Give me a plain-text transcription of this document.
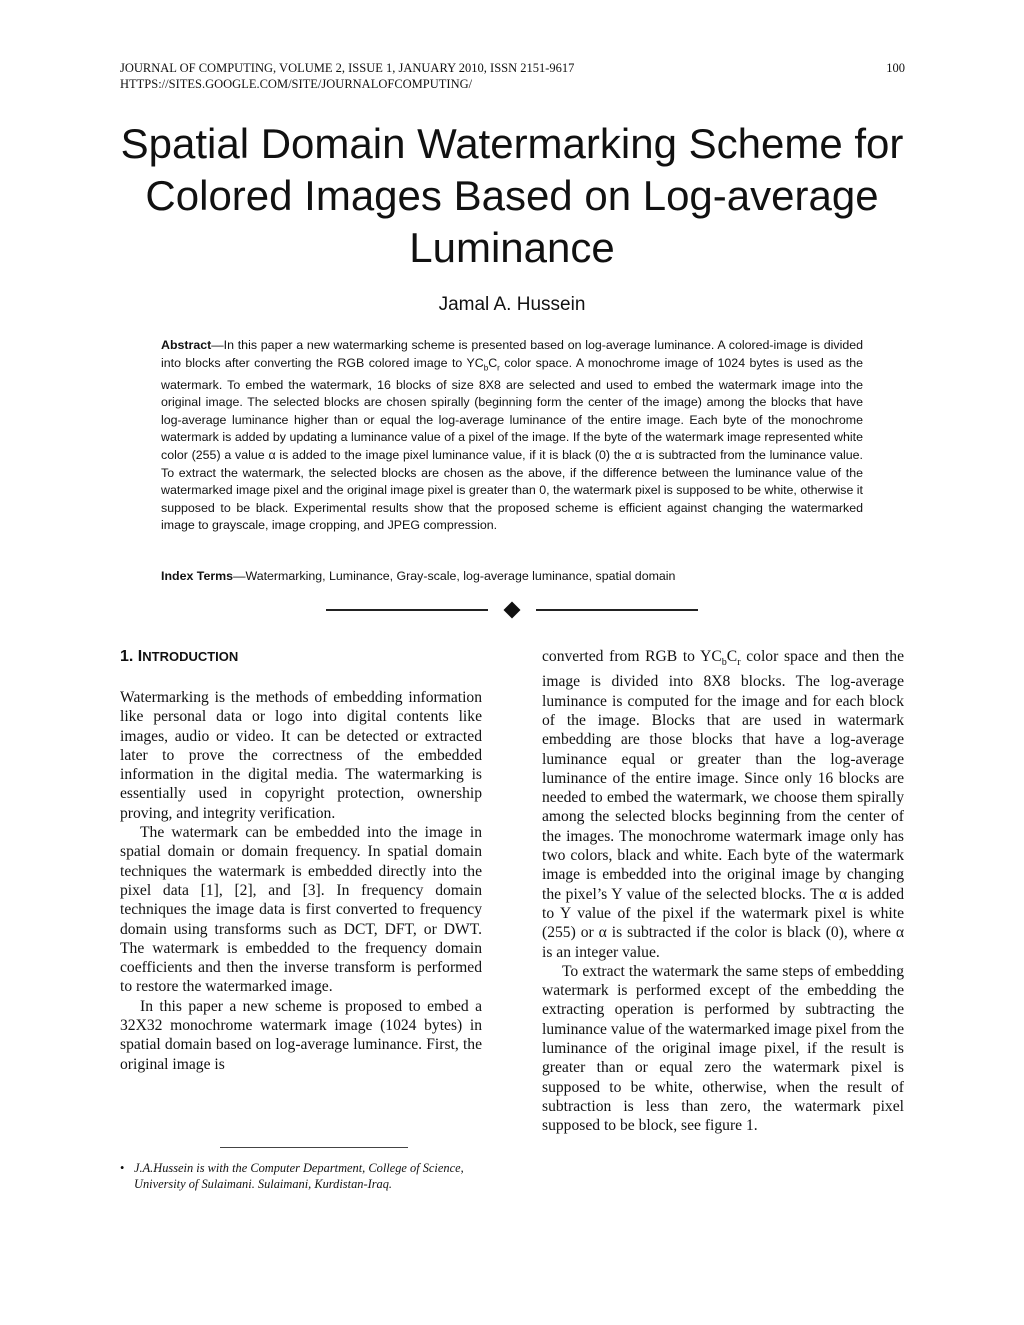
JOURNAL OF COMPUTING, VOLUME 2, ISSUE 1, JANUARY 2010, ISSN 2151-9617
HTTPS://SITES.GOOGLE.COM/SITE/JOURNALOFCOMPUTING/
100
Spatial Domain Watermarking Scheme for Colored Images Based on Log-average Luminance
Jamal A. Hussein

Abstract—In this paper a new watermarking scheme is presented based on log-average luminance. A colored-image is divided into blocks after converting the RGB colored image to $YC_bC_r$ color space. A monochrome image of 1024 bytes is used as the watermark. To embed the watermark, 16 blocks of size 8X8 are selected and used to embed the watermark image into the original image. The selected blocks are chosen spirally (beginning form the center of the image) among the blocks that have log-average luminance higher than or equal the log-average luminance of the entire image. Each byte of the monochrome watermark is added by updating a luminance value of a pixel of the image. If the byte of the watermark image represented white color (255) a value α is added to the image pixel luminance value, if it is black (0) the α is subtracted from the luminance value. To extract the watermark, the selected blocks are chosen as the above, if the difference between the luminance value of the watermarked image pixel and the original image pixel is greater than 0, the watermark pixel is supposed to be white, otherwise it supposed to be black. Experimental results show that the proposed scheme is efficient against changing the watermarked image to grayscale, image cropping, and JPEG compression.

Index Terms—Watermarking, Luminance, Gray-scale, log-average luminance, spatial domain

1. INTRODUCTION

Watermarking is the methods of embedding information like personal data or logo into digital contents like images, audio or video. It can be detected or extracted later to prove the correctness of the embedded information in the digital media. The watermarking is essentially used in copyright protection, ownership proving, and integrity verification.

The watermark can be embedded into the image in spatial domain or domain frequency. In spatial domain techniques the watermark is embedded directly into the pixel data [1], [2], and [3]. In frequency domain techniques the image data is first converted to frequency domain using transforms such as DCT, DFT, or DWT. The watermark is embedded to the frequency domain coefficients and then the inverse transform is performed to restore the watermarked image.

In this paper a new scheme is proposed to embed a 32X32 monochrome watermark image (1024 bytes) in spatial domain based on log-average luminance. First, the original image is

converted from RGB to $YC_bC_r$ color space and then the image is divided into 8X8 blocks. The log-average luminance is computed for the image and for each block of the image. Blocks that are used in watermark embedding are those blocks that have a log-average luminance equal or greater than the log-average luminance of the entire image. Since only 16 blocks are needed to embed the watermark, we choose them spirally among the selected blocks beginning from the center of the images. The monochrome watermark image only has two colors, black and white. Each byte of the watermark image is embedded into the original image by changing the pixel’s Y value of the selected blocks. The α is added to Y value of the pixel if the watermark pixel is white (255) or α is subtracted if the color is black (0), where α is an integer value.

To extract the watermark the same steps of embedding watermark is performed except of the embedding the extracting operation is performed by subtracting the luminance value of the watermarked image pixel from the luminance of the original image pixel, if the result is greater than or equal zero the watermark pixel is supposed to be white, otherwise, when the result of subtraction is less than zero, the watermark pixel supposed to be block, see figure 1.

• J.A.Hussein is with the Computer Department, College of Science, University of Sulaimani. Sulaimani, Kurdistan-Iraq.
